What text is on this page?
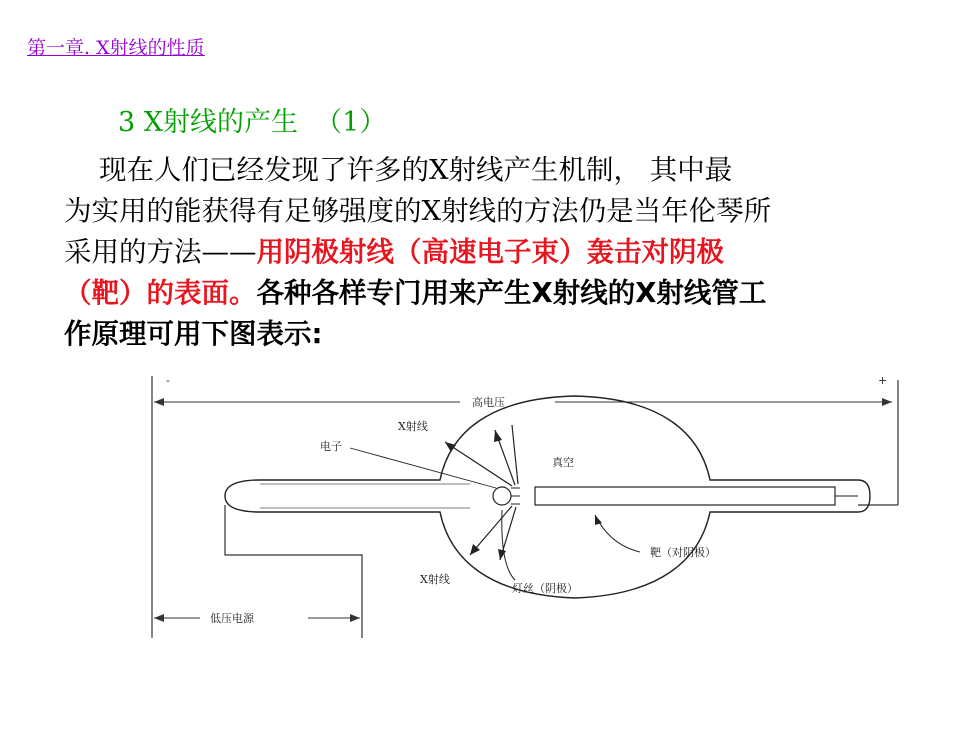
第一章. X射线的性质
3 X射线的产生  （1）
现在人们已经发现了许多的X射线产生机制， 其中最
为实用的能获得有足够强度的X射线的方法仍是当年伦琴所
采用的方法——用阴极射线（高速电子束）轰击对阴极
（靶）的表面。各种各样专门用来产生X射线的X射线管工
作原理可用下图表示:
-	+
高电压
X射线
电子
真空
X射线
靶（对阴极）
灯丝（阴极）
低压电源
